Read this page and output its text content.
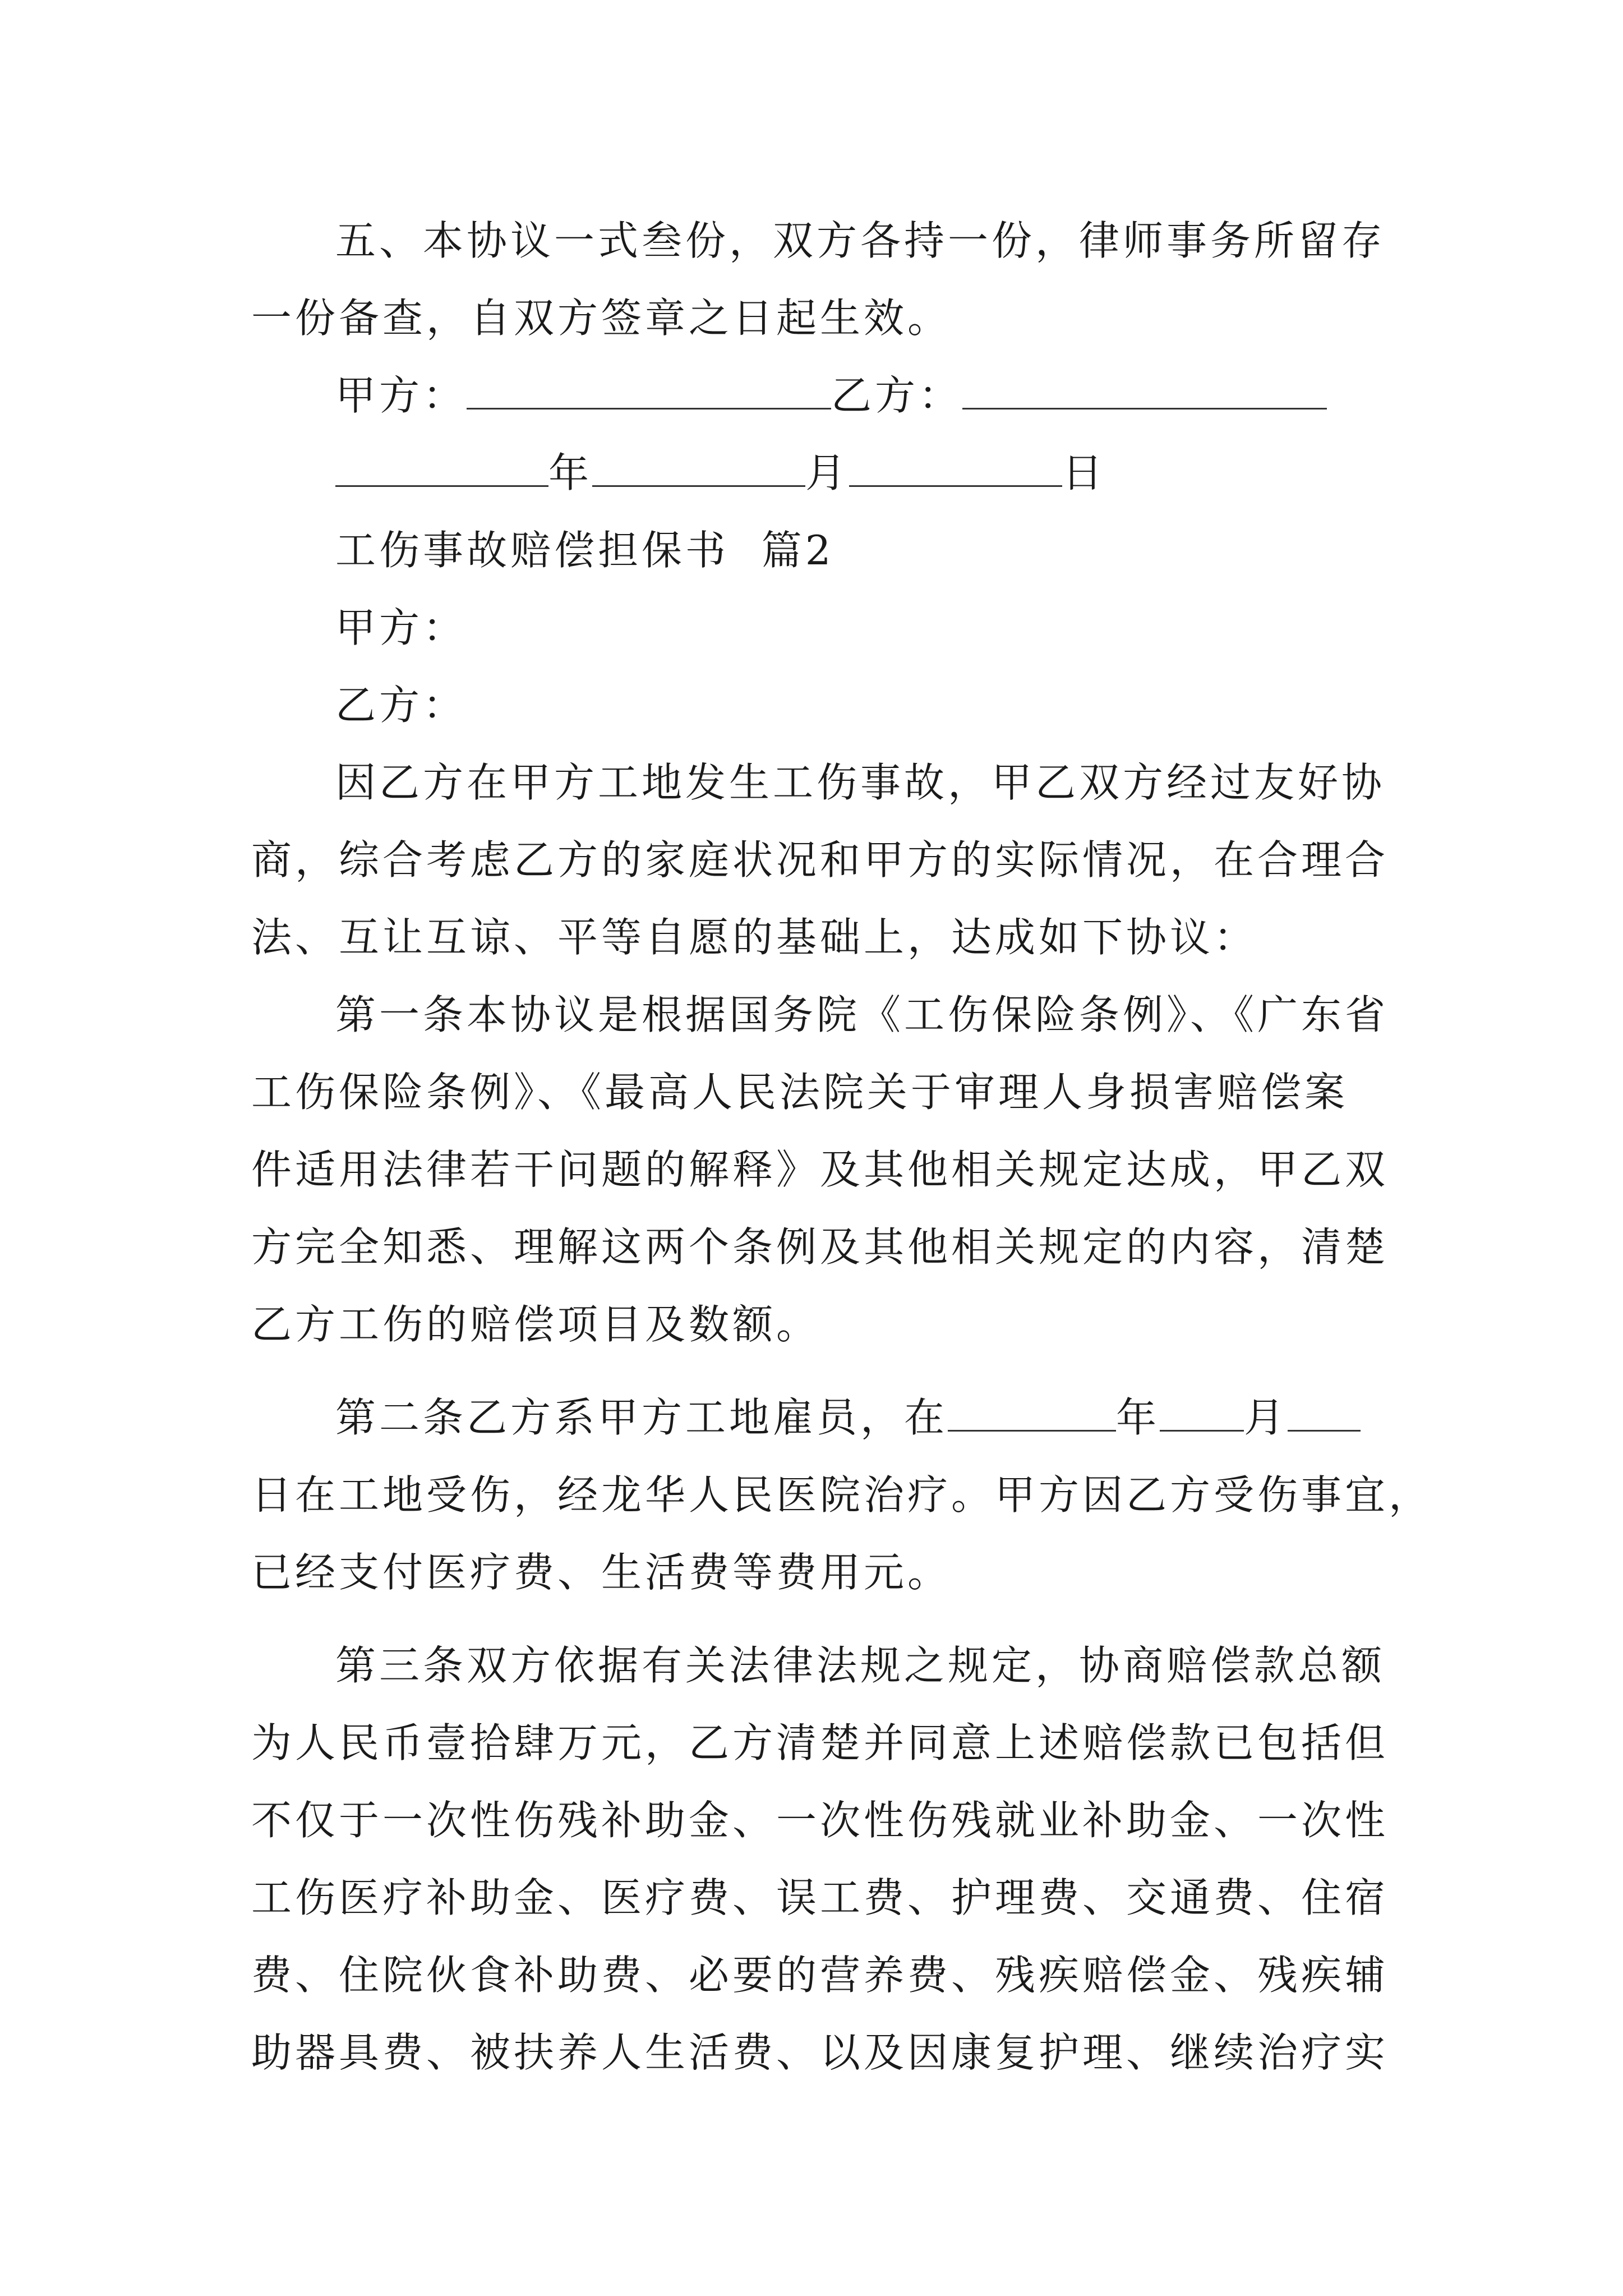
五、本协议一式叁份，双方各持一份，律师事务所留存
一份备查，自双方签章之日起生效。
甲方：	乙方：
年	月	日
工伤事故赔偿担保书  篇2
甲方：
乙方：
因乙方在甲方工地发生工伤事故，甲乙双方经过友好协
商，综合考虑乙方的家庭状况和甲方的实际情况，在合理合
法、互让互谅、平等自愿的基础上，达成如下协议：
第一条本协议是根据国务院《工伤保险条例》、《广东省
工伤保险条例》、《最高人民法院关于审理人身损害赔偿案
件适用法律若干问题的解释》及其他相关规定达成，甲乙双
方完全知悉、理解这两个条例及其他相关规定的内容，清楚
乙方工伤的赔偿项目及数额。
第二条乙方系甲方工地雇员，在	年 月
日在工地受伤，经龙华人民医院治疗。甲方因乙方受伤事宜，
已经支付医疗费、生活费等费用元。
第三条双方依据有关法律法规之规定，协商赔偿款总额
为人民币壹拾肆万元，乙方清楚并同意上述赔偿款已包括但
不仅于一次性伤残补助金、一次性伤残就业补助金、一次性
工伤医疗补助金、医疗费、误工费、护理费、交通费、住宿
费、住院伙食补助费、必要的营养费、残疾赔偿金、残疾辅
助器具费、被扶养人生活费、以及因康复护理、继续治疗实
